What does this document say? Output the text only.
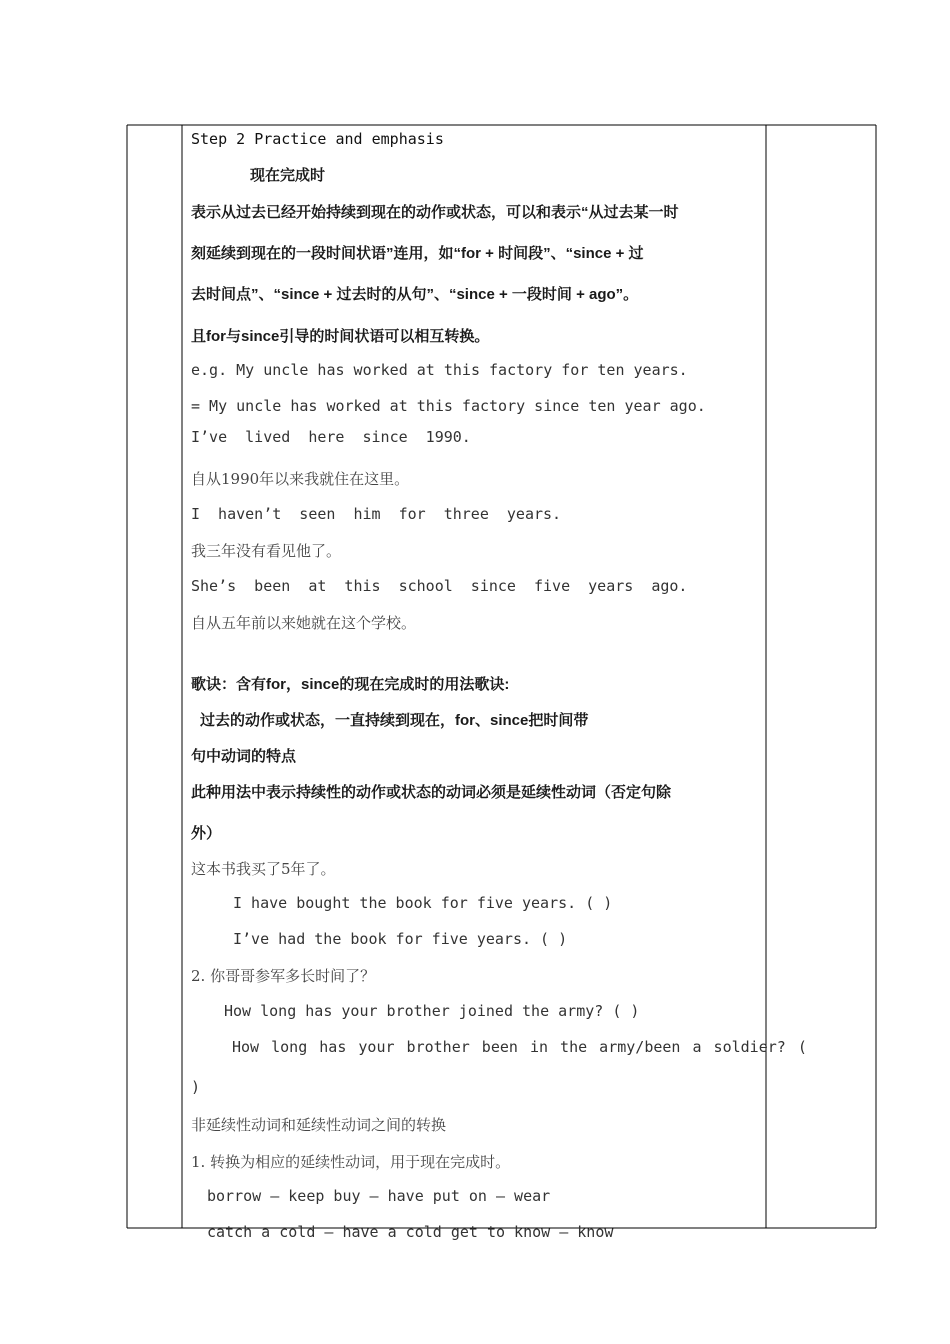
Step 2 Practice and emphasis
现在完成时
表示从过去已经开始持续到现在的动作或状态，可以和表示“从过去某一时
刻延续到现在的一段时间状语”连用，如“for + 时间段”、“since + 过
去时间点”、“since + 过去时的从句”、“since + 一段时间 + ago”。
且for与since引导的时间状语可以相互转换。
e.g. My uncle has worked at this factory for ten years.
= My uncle has worked at this factory since ten year ago.
I’ve lived here since 1990.
自从1990年以来我就住在这里。
I haven’t seen him for three years.
我三年没有看见他了。
She’s been at this school since five years ago.
自从五年前以来她就在这个学校。
歌诀：含有for，since的现在完成时的用法歌诀:
过去的动作或状态，一直持续到现在，for、since把时间带
句中动词的特点
此种用法中表示持续性的动作或状态的动词必须是延续性动词（否定句除
外）
这本书我买了5年了。
I have bought the book for five years. ( )
I’ve had the book for five years. ( )
2. 你哥哥参军多长时间了？
How long has your brother joined the army? ( )
How long has your brother been in the army/been a soldier? (
)
非延续性动词和延续性动词之间的转换
1. 转换为相应的延续性动词，用于现在完成时。
borrow — keep buy — have put on — wear
catch a cold — have a cold get to know — know
